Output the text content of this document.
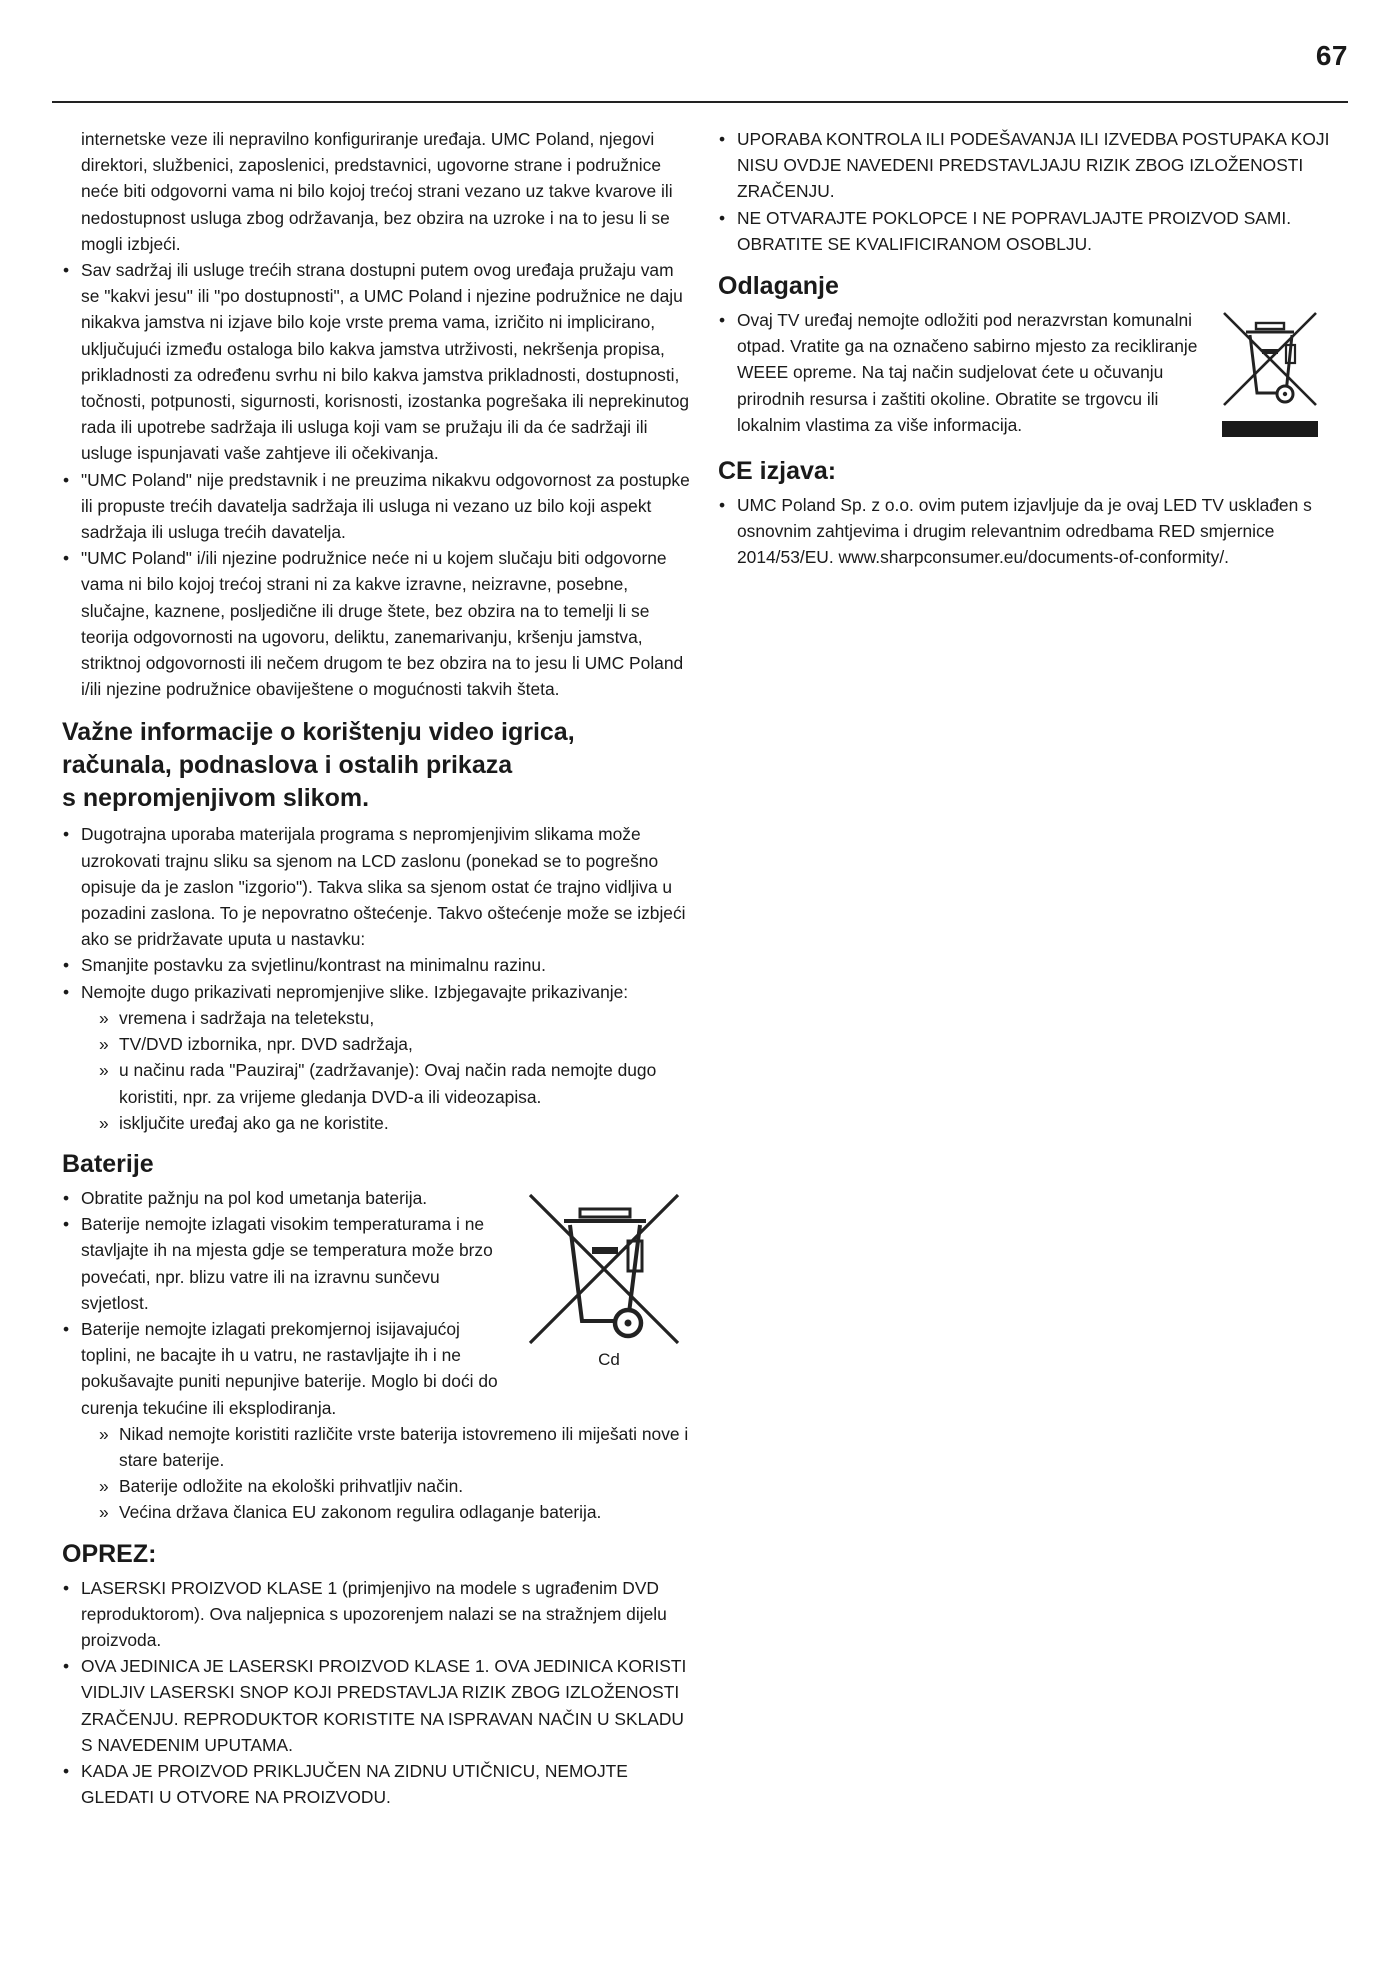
67

internetske veze ili nepravilno konfiguriranje uređaja. UMC Poland, njegovi direktori, službenici, zaposlenici, predstavnici, ugovorne strane i podružnice neće biti odgovorni vama ni bilo kojoj trećoj strani vezano uz takve kvarove ili nedostupnost usluga zbog održavanja, bez obzira na uzroke i na to jesu li se mogli izbjeći.

• Sav sadržaj ili usluge trećih strana dostupni putem ovog uređaja pružaju vam se "kakvi jesu" ili "po dostupnosti", a UMC Poland i njezine podružnice ne daju nikakva jamstva ni izjave bilo koje vrste prema vama, izričito ni implicirano, uključujući između ostaloga bilo kakva jamstva utrživosti, nekršenja propisa, prikladnosti za određenu svrhu ni bilo kakva jamstva prikladnosti, dostupnosti, točnosti, potpunosti, sigurnosti, korisnosti, izostanka pogrešaka ili neprekinutog rada ili upotrebe sadržaja ili usluga koji vam se pružaju ili da će sadržaji ili usluge ispunjavati vaše zahtjeve ili očekivanja.
• "UMC Poland" nije predstavnik i ne preuzima nikakvu odgovornost za postupke ili propuste trećih davatelja sadržaja ili usluga ni vezano uz bilo koji aspekt sadržaja ili usluga trećih davatelja.
• "UMC Poland" i/ili njezine podružnice neće ni u kojem slučaju biti odgovorne vama ni bilo kojoj trećoj strani ni za kakve izravne, neizravne, posebne, slučajne, kaznene, posljedične ili druge štete, bez obzira na to temelji li se teorija odgovornosti na ugovoru, deliktu, zanemarivanju, kršenju jamstva, striktnoj odgovornosti ili nečem drugom te bez obzira na to jesu li UMC Poland i/ili njezine podružnice obaviještene o mogućnosti takvih šteta.
Važne informacije o korištenju video igrica,
računala, podnaslova i ostalih prikaza
s nepromjenjivom slikom.
• Dugotrajna uporaba materijala programa s nepromjenjivim slikama može uzrokovati trajnu sliku sa sjenom na LCD zaslonu (ponekad se to pogrešno opisuje da je zaslon "izgorio"). Takva slika sa sjenom ostat će trajno vidljiva u pozadini zaslona. To je nepovratno oštećenje. Takvo oštećenje može se izbjeći ako se pridržavate uputa u nastavku:
• Smanjite postavku za svjetlinu/kontrast na minimalnu razinu.
• Nemojte dugo prikazivati nepromjenjive slike. Izbjegavajte prikazivanje:
» vremena i sadržaja na teletekstu,
» TV/DVD izbornika, npr. DVD sadržaja,
» u načinu rada "Pauziraj" (zadržavanje): Ovaj način rada nemojte dugo koristiti, npr. za vrijeme gledanja DVD-a ili videozapisa.
» isključite uređaj ako ga ne koristite.
Baterije
Cd
• Obratite pažnju na pol kod umetanja baterija.
• Baterije nemojte izlagati visokim temperaturama i ne stavljajte ih na mjesta gdje se temperatura može brzo povećati, npr. blizu vatre ili na izravnu sunčevu svjetlost.
• Baterije nemojte izlagati prekomjernoj isijavajućoj toplini, ne bacajte ih u vatru, ne rastavljajte ih i ne pokušavajte puniti nepunjive baterije. Moglo bi doći do curenja tekućine ili eksplodiranja.
» Nikad nemojte koristiti različite vrste baterija istovremeno ili miješati nove i stare baterije.
» Baterije odložite na ekološki prihvatljiv način.
» Većina država članica EU zakonom regulira odlaganje baterija.
OPREZ:
• LASERSKI PROIZVOD KLASE 1 (primjenjivo na modele s ugrađenim DVD reproduktorom). Ova naljepnica s upozorenjem nalazi se na stražnjem dijelu proizvoda.
• OVA JEDINICA JE LASERSKI PROIZVOD KLASE 1. OVA JEDINICA KORISTI VIDLJIV LASERSKI SNOP KOJI PREDSTAVLJA RIZIK ZBOG IZLOŽENOSTI ZRAČENJU. REPRODUKTOR KORISTITE NA ISPRAVAN NAČIN U SKLADU S NAVEDENIM UPUTAMA.
• KADA JE PROIZVOD PRIKLJUČEN NA ZIDNU UTIČNICU, NEMOJTE GLEDATI U OTVORE NA PROIZVODU.
• UPORABA KONTROLA ILI PODEŠAVANJA ILI IZVEDBA POSTUPAKA KOJI NISU OVDJE NAVEDENI PREDSTAVLJAJU RIZIK ZBOG IZLOŽENOSTI ZRAČENJU.
• NE OTVARAJTE POKLOPCE I NE POPRAVLJAJTE PROIZVOD SAMI. OBRATITE SE KVALIFICIRANOM OSOBLJU.
Odlaganje
• Ovaj TV uređaj nemojte odložiti pod nerazvrstan komunalni otpad. Vratite ga na označeno sabirno mjesto za recikliranje WEEE opreme. Na taj način sudjelovat ćete u očuvanju prirodnih resursa i zaštiti okoline. Obratite se trgovcu ili lokalnim vlastima za više informacija.
CE izjava:
• UMC Poland Sp. z o.o. ovim putem izjavljuje da je ovaj LED TV usklađen s osnovnim zahtjevima i drugim relevantnim odredbama RED smjernice 2014/53/EU. www.sharpconsumer.eu/documents-of-conformity/.
